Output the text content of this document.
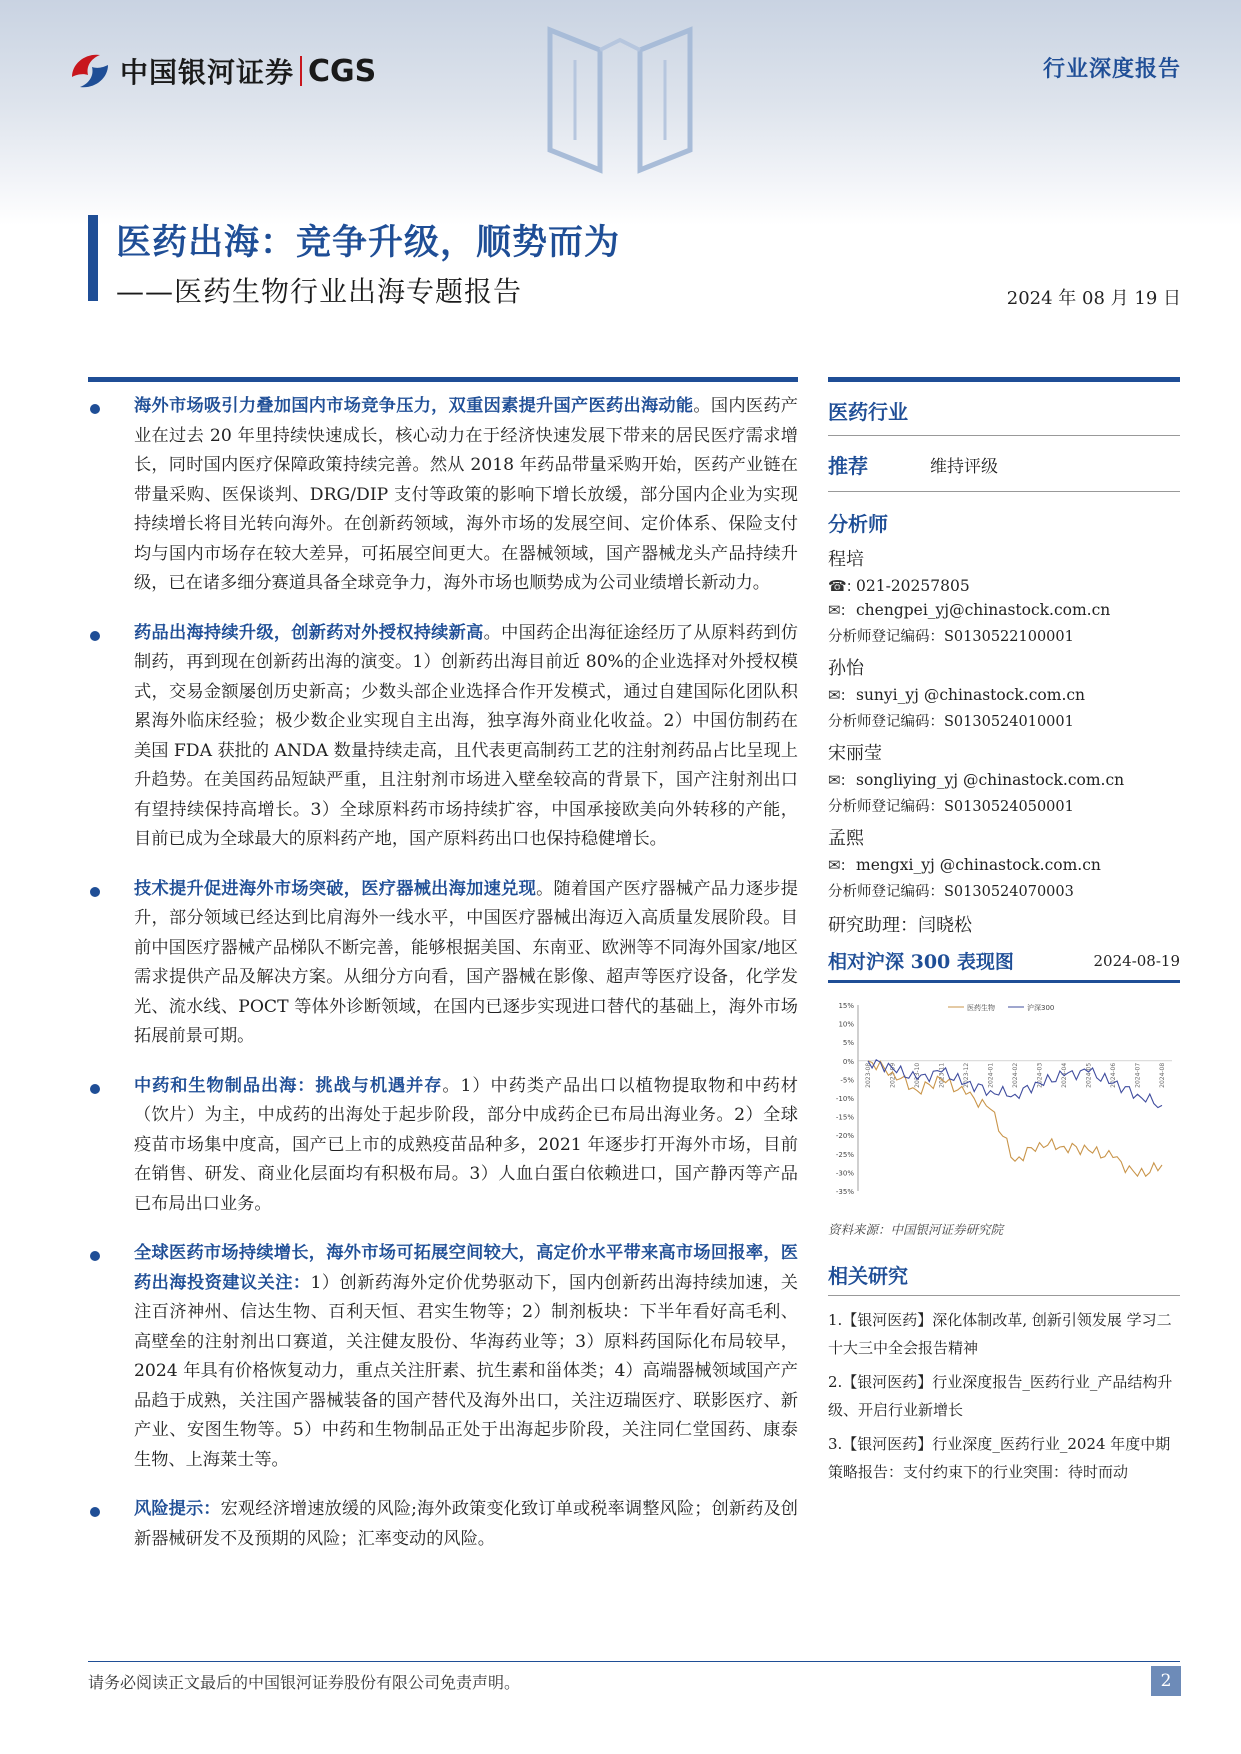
中国银河证券 CGS	行业深度报告
医药出海：竞争升级，顺势而为
——医药生物行业出海专题报告	2024 年 08 月 19 日
海外市场吸引力叠加国内市场竞争压力，双重因素提升国产医药出海动能。国内医药产业在过去 20 年里持续快速成长，核心动力在于经济快速发展下带来的居民医疗需求增长，同时国内医疗保障政策持续完善。然从 2018 年药品带量采购开始，医药产业链在带量采购、医保谈判、DRG/DIP 支付等政策的影响下增长放缓，部分国内企业为实现持续增长将目光转向海外。在创新药领域，海外市场的发展空间、定价体系、保险支付均与国内市场存在较大差异，可拓展空间更大。在器械领域，国产器械龙头产品持续升级，已在诸多细分赛道具备全球竞争力，海外市场也顺势成为公司业绩增长新动力。
药品出海持续升级，创新药对外授权持续新高。中国药企出海征途经历了从原料药到仿制药，再到现在创新药出海的演变。1）创新药出海目前近 80%的企业选择对外授权模式，交易金额屡创历史新高；少数头部企业选择合作开发模式，通过自建国际化团队积累海外临床经验；极少数企业实现自主出海，独享海外商业化收益。2）中国仿制药在美国 FDA 获批的 ANDA 数量持续走高，且代表更高制药工艺的注射剂药品占比呈现上升趋势。在美国药品短缺严重，且注射剂市场进入壁垒较高的背景下，国产注射剂出口有望持续保持高增长。3）全球原料药市场持续扩容，中国承接欧美向外转移的产能，目前已成为全球最大的原料药产地，国产原料药出口也保持稳健增长。
技术提升促进海外市场突破，医疗器械出海加速兑现。随着国产医疗器械产品力逐步提升，部分领域已经达到比肩海外一线水平，中国医疗器械出海迈入高质量发展阶段。目前中国医疗器械产品梯队不断完善，能够根据美国、东南亚、欧洲等不同海外国家/地区需求提供产品及解决方案。从细分方向看，国产器械在影像、超声等医疗设备，化学发光、流水线、POCT 等体外诊断领域，在国内已逐步实现进口替代的基础上，海外市场拓展前景可期。
中药和生物制品出海：挑战与机遇并存。1）中药类产品出口以植物提取物和中药材（饮片）为主，中成药的出海处于起步阶段，部分中成药企已布局出海业务。2）全球疫苗市场集中度高，国产已上市的成熟疫苗品种多，2021 年逐步打开海外市场，目前在销售、研发、商业化层面均有积极布局。3）人血白蛋白依赖进口，国产静丙等产品已布局出口业务。
全球医药市场持续增长，海外市场可拓展空间较大，高定价水平带来高市场回报率，医药出海投资建议关注：1）创新药海外定价优势驱动下，国内创新药出海持续加速，关注百济神州、信达生物、百利天恒、君实生物等；2）制剂板块：下半年看好高毛利、高壁垒的注射剂出口赛道，关注健友股份、华海药业等；3）原料药国际化布局较早，2024 年具有价格恢复动力，重点关注肝素、抗生素和甾体类；4）高端器械领域国产产品趋于成熟，关注国产器械装备的国产替代及海外出口，关注迈瑞医疗、联影医疗、新产业、安图生物等。5）中药和生物制品正处于出海起步阶段，关注同仁堂国药、康泰生物、上海莱士等。
风险提示：宏观经济增速放缓的风险;海外政策变化致订单或税率调整风险；创新药及创新器械研发不及预期的风险；汇率变动的风险。
医药行业
推荐	维持评级
分析师
程培
☎: 021-20257805
✉: chengpei_yj@chinastock.com.cn
分析师登记编码：S0130522100001
孙怡
✉: sunyi_yj @chinastock.com.cn
分析师登记编码：S0130524010001
宋丽莹
✉: songliying_yj @chinastock.com.cn
分析师登记编码：S0130524050001
孟熙
✉: mengxi_yj @chinastock.com.cn
分析师登记编码：S0130524070003
研究助理：闫晓松
相对沪深 300 表现图	2024-08-19
15%
10%
5%
0%
-5%
-10%
-15%
-20%
-25%
-30%
-35%
2023-08	2023-09	2023-10	2023-11	2023-12	2024-01	2024-02	2024-03	2024-04	2024-05	2024-06	2024-07	2024-08
医药生物	沪深300
资料来源：中国银河证券研究院
相关研究
1.【银河医药】深化体制改革, 创新引领发展 学习二十大三中全会报告精神
2.【银河医药】行业深度报告_医药行业_产品结构升级、开启行业新增长
3.【银河医药】行业深度_医药行业_2024 年度中期策略报告：支付约束下的行业突围：待时而动
请务必阅读正文最后的中国银河证券股份有限公司免责声明。	2
